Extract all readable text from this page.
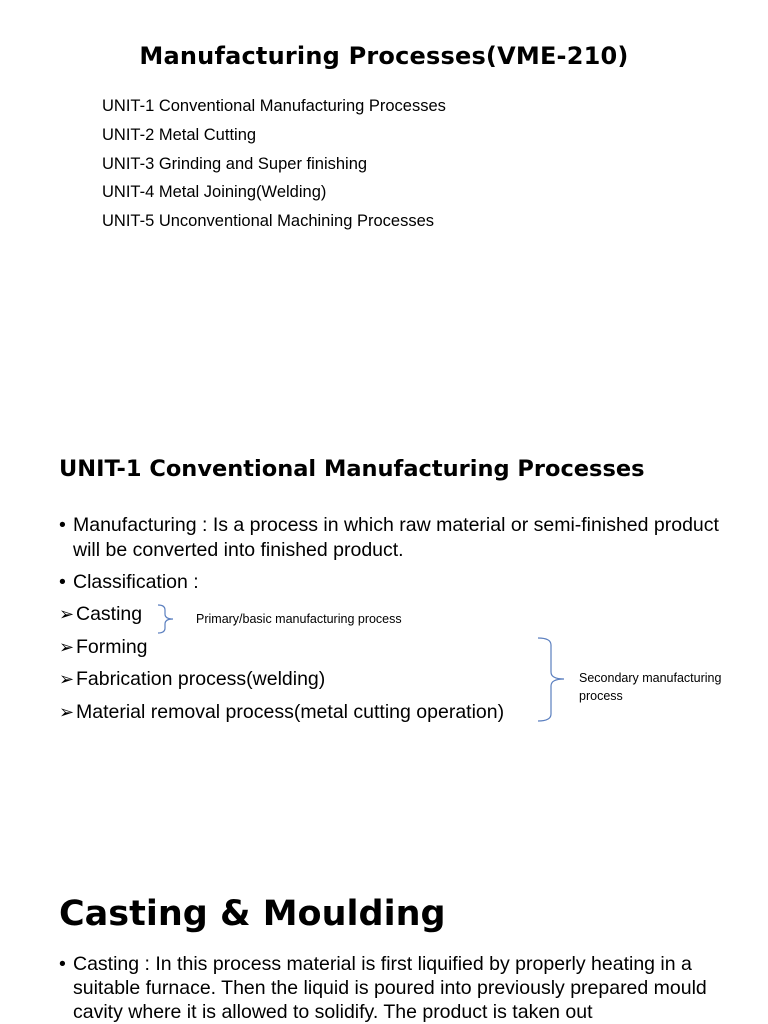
Manufacturing Processes(VME-210)
UNIT-1 Conventional Manufacturing Processes
UNIT-2 Metal Cutting
UNIT-3 Grinding and Super finishing
UNIT-4 Metal Joining(Welding)
UNIT-5 Unconventional Machining Processes
UNIT-1 Conventional Manufacturing Processes
• Manufacturing : Is a process in which raw material or semi-finished product will be converted into finished product.
• Classification :
➢Casting
➢Forming
➢Fabrication process(welding)
➢Material removal process(metal cutting operation)
Primary/basic manufacturing process
Secondary manufacturing process
Casting & Moulding
• Casting : In this process material is first liquified by properly heating in a suitable furnace. Then the liquid is poured into previously prepared mould cavity where it is allowed to solidify. The product is taken out
